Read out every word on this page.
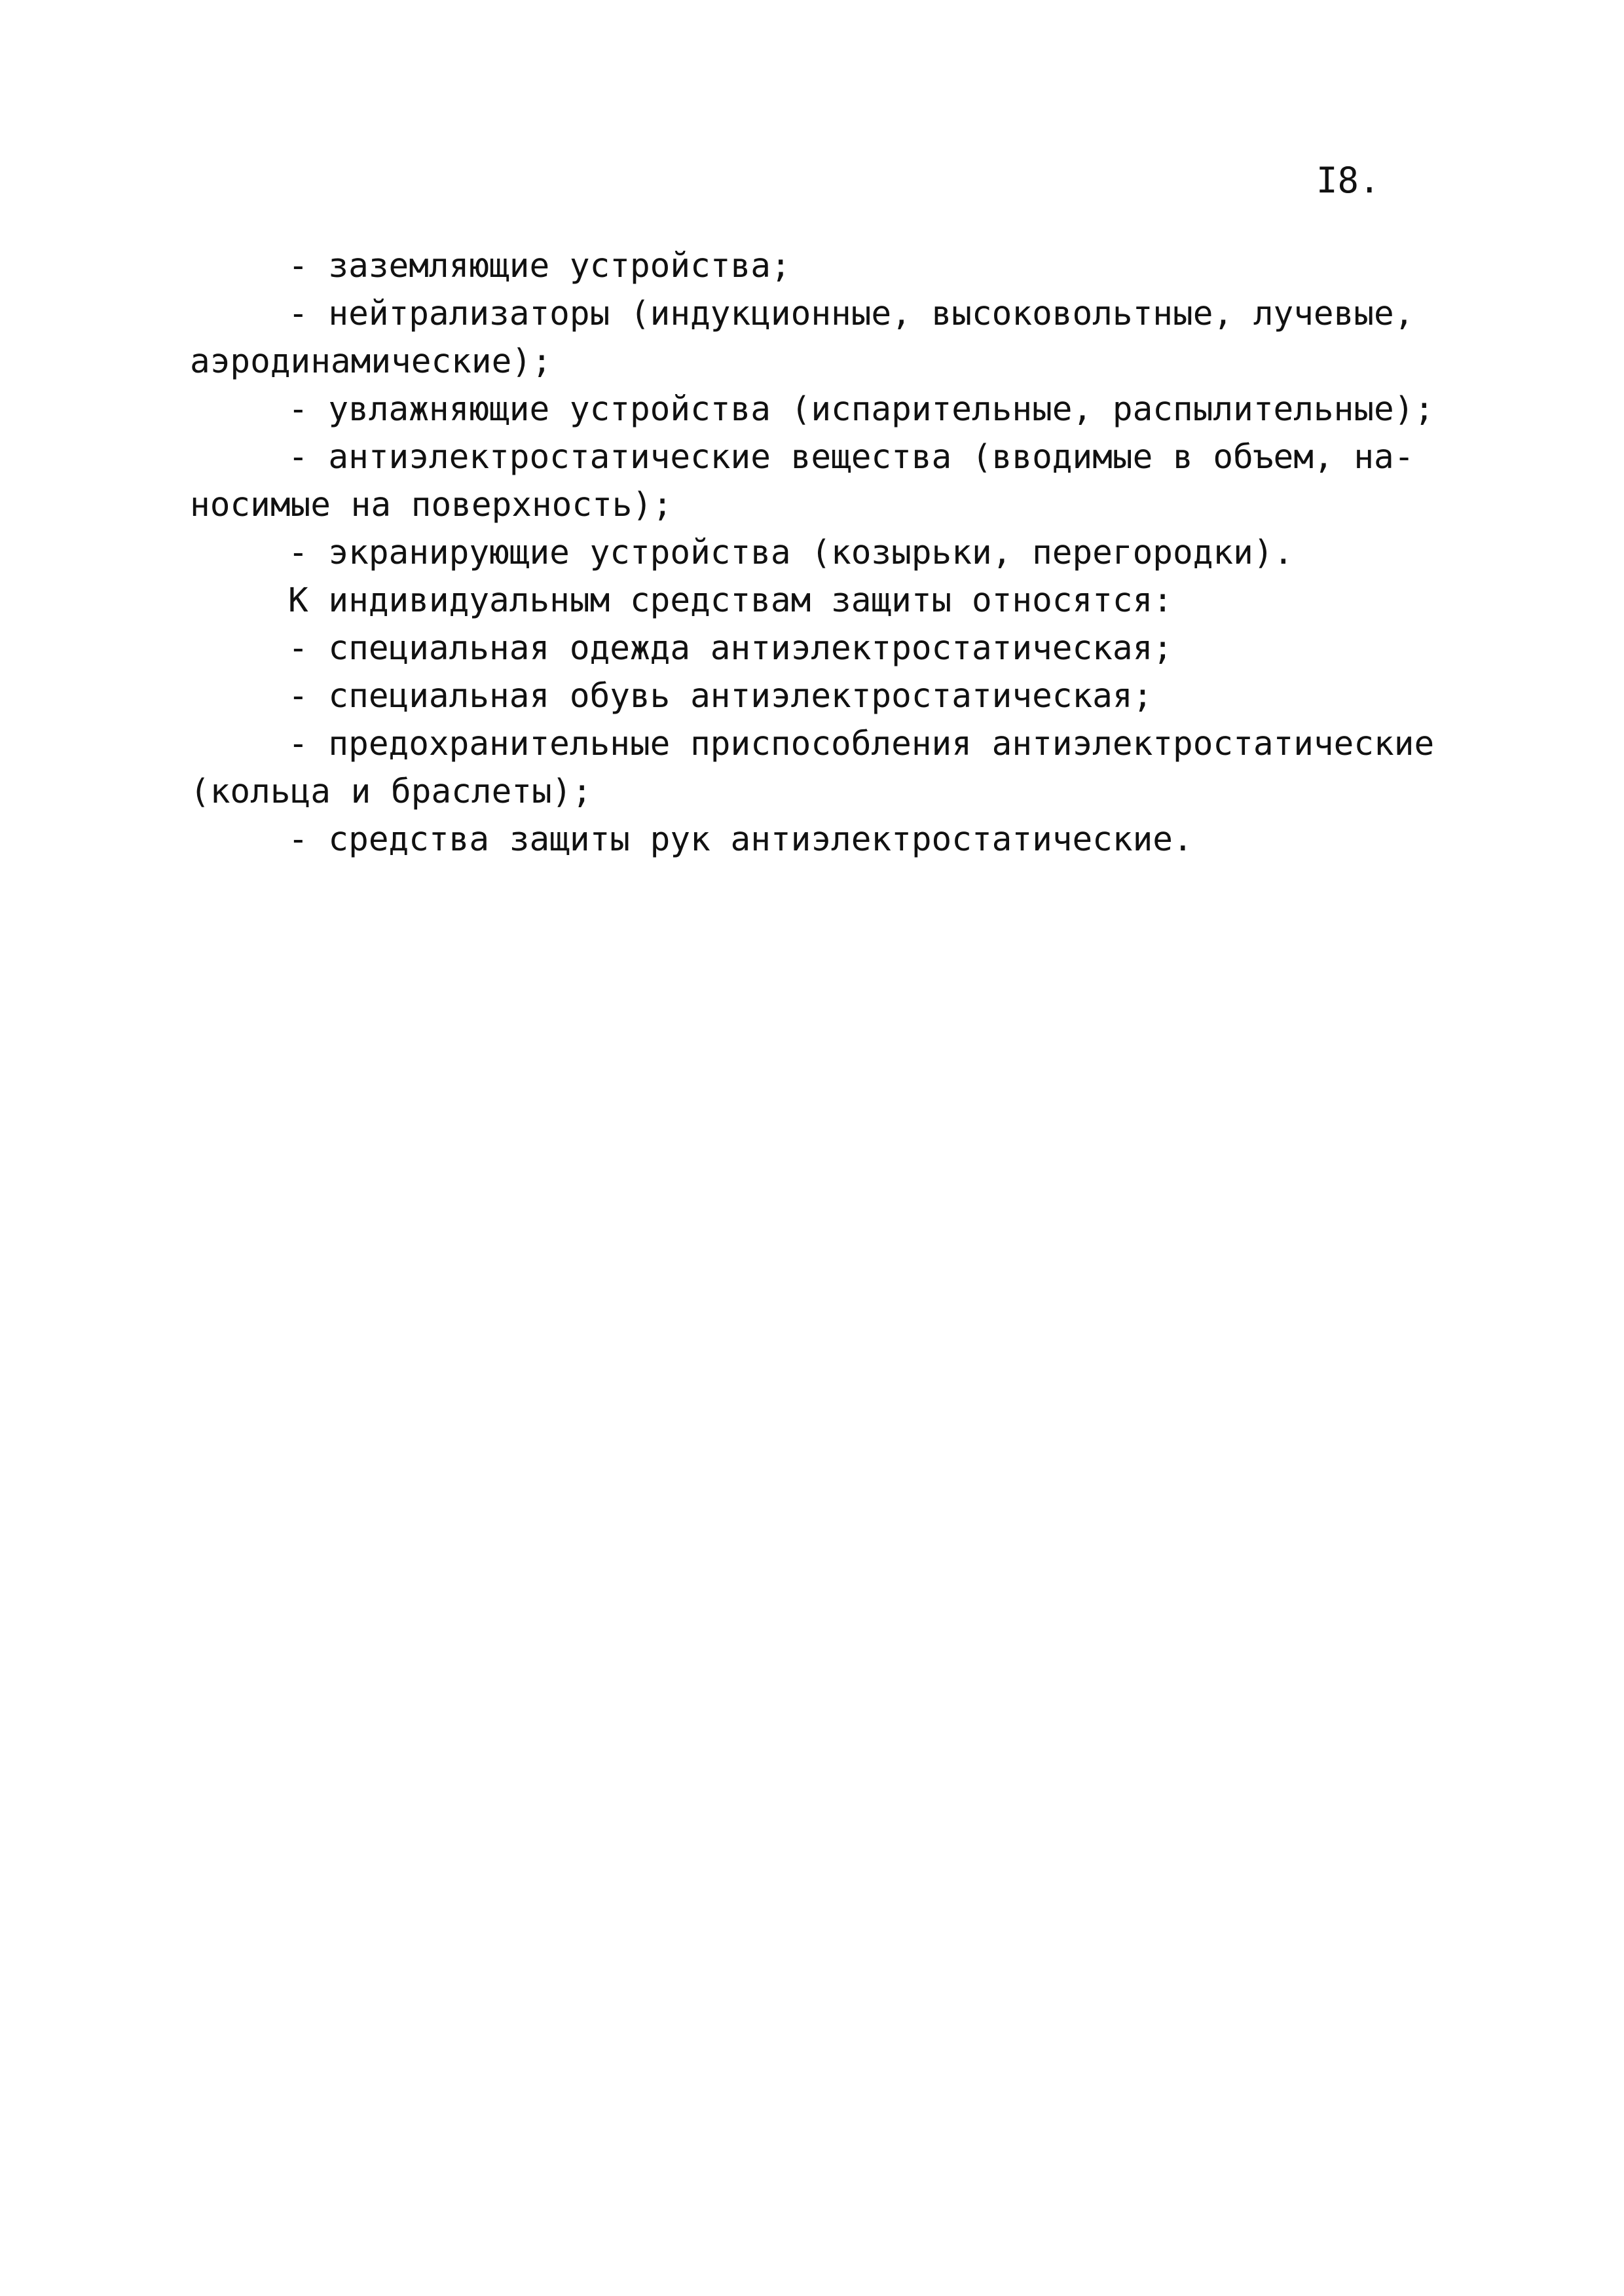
I8.
- заземляющие устройства;
- нейтрализаторы (индукционные, высоковольтные, лучевые,
аэродинамические);
- увлажняющие устройства (испарительные, распылительные);
- антиэлектростатические вещества (вводимые в объем, на-
носимые на поверхность);
- экранирующие устройства (козырьки, перегородки).
К индивидуальным средствам защиты относятся:
- специальная одежда антиэлектростатическая;
- специальная обувь антиэлектростатическая;
- предохранительные приспособления антиэлектростатические
(кольца и браслеты);
- средства защиты рук антиэлектростатические.
